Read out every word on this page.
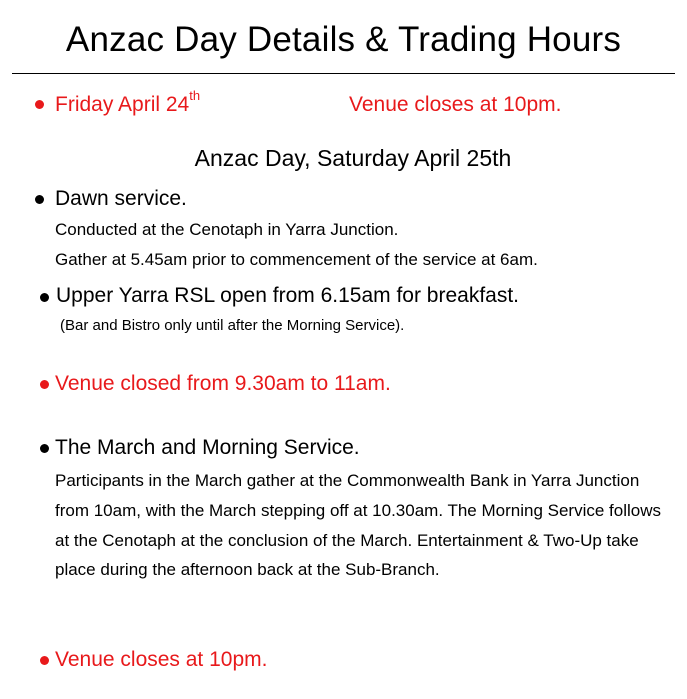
Anzac Day Details & Trading Hours
Friday April 24th	Venue closes at 10pm.
Anzac Day, Saturday April 25th
Dawn service.
Conducted at the Cenotaph in Yarra Junction.
Gather at 5.45am prior to commencement of the service at 6am.
Upper Yarra RSL open from 6.15am for breakfast.
(Bar and Bistro only until after the Morning Service).
Venue closed from 9.30am to 11am.
The March and Morning Service.
Participants in the March gather at the Commonwealth Bank in Yarra Junction from 10am, with the March stepping off at 10.30am. The Morning Service follows at the Cenotaph at the conclusion of the March. Entertainment & Two-Up take place during the afternoon back at the Sub-Branch.
Venue closes at 10pm.
